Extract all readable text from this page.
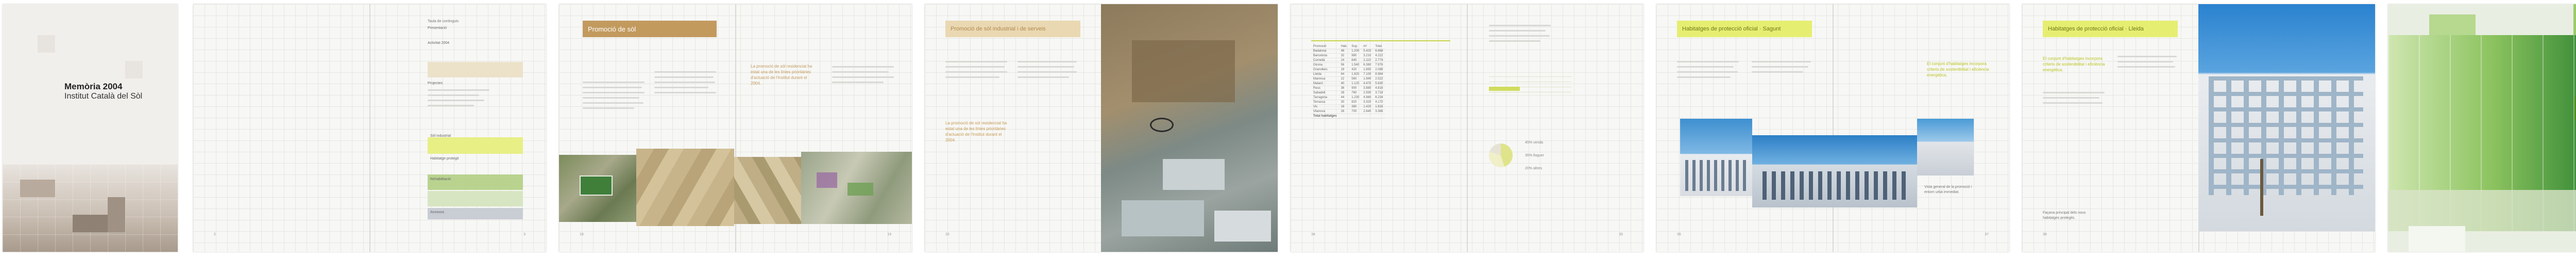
Memòria 2004
Institut Català del Sòl
Taula de continguts
Presentació
Activitat 2004
Projectes
Sòl industrial
Habitatge protegit
Rehabilitació
Annexos
2	3
Promoció de sòl
La promoció de sòl residencial ha estat una de les línies prioritàries d'actuació de l'Institut durant el 2004.
18	19
Promoció de sòl industrial i de serveis
La promoció de sòl residencial ha estat una de les línies prioritàries d'actuació de l'Institut durant el 2004.
20
Promoció	Hab.	Sup.	m²	Total
Badalona	48	1.200	5.420	6.668
Barcelona	32	980	3.210	4.222
Cornellà	24	640	2.110	2.774
Girona	56	1.540	6.380	7.976
Granollers	18	420	1.650	2.088
Lleida	64	1.820	7.100	8.984
Manresa	22	560	1.940	2.522
Mataró	40	1.120	4.470	5.630
Reus	36	900	3.880	4.816
Sabadell	28	760	2.930	3.718
Tarragona	44	1.230	4.960	6.234
Terrassa	30	820	3.320	4.170
Vic	16	380	1.420	1.816
Vilanova	26	700	2.640	3.366
Total habitatges				
45% venda
35% lloguer
20% altres
34	35
Habitatges de protecció oficial · Sagunt
El conjunt d'habitatges incorpora criteris de sostenibilitat i eficiència energètica.
Vista general de la promoció i entorn urbà immediat.
36	37
Habitatges de protecció oficial · Lleida
El conjunt d'habitatges incorpora criteris de sostenibilitat i eficiència energètica.
Façana principal dels nous habitatges protegits.
38
